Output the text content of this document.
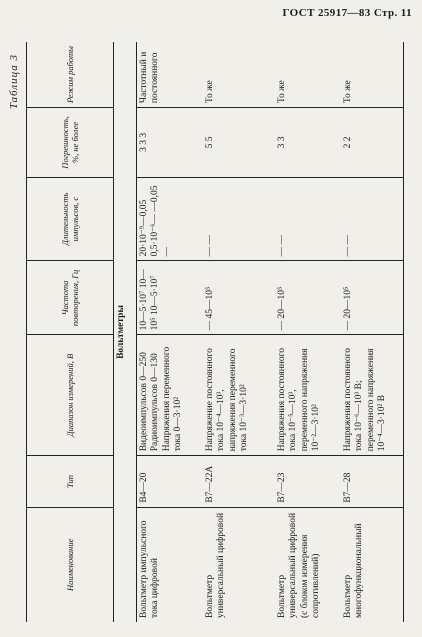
ГОСТ 25917—83 Стр. 11
Таблица 3
Наименование	Тип	Диапазон измерений, В	Частота повторения, Гц	Длительность импульсов, с	Погрешность, %, не более	Режим работы
Вольтметры						
Вольтметр импульсного тока цифровой	В4—20	Видеоимпульсов 0—250 Радиоимпульсов 0—130 Напряжения переменного тока 0—3·10²	10—5·10⁷ 10—10⁵ 10—5·10⁷	20·10⁻⁹—0,05 0,5·10⁻⁶— —0,05 —	3 3 3	Частотный и постоянного
Вольтметр универсальный цифровой	В7—22А	Напряжение постоянного тока 10⁻⁴—10³, напряжения переменного тока 10⁻³—3·10²	— 45—10⁵	— —	5 5	То же
Вольтметр универсальный цифровой (с блоком измерения сопротивлений)	В7—23	Напряжения постоянного тока 10⁻⁵—10³, переменного напряжения 10⁻²—3·10²	— 20—10⁵	— —	3 3	То же
Вольтметр многофункциональный	В7—28	Напряжения постоянного тока 10⁻⁶—10³ В; переменного напряжения 10⁻⁴—3·10² В	— 20—10⁵	— —	2 2	То же
